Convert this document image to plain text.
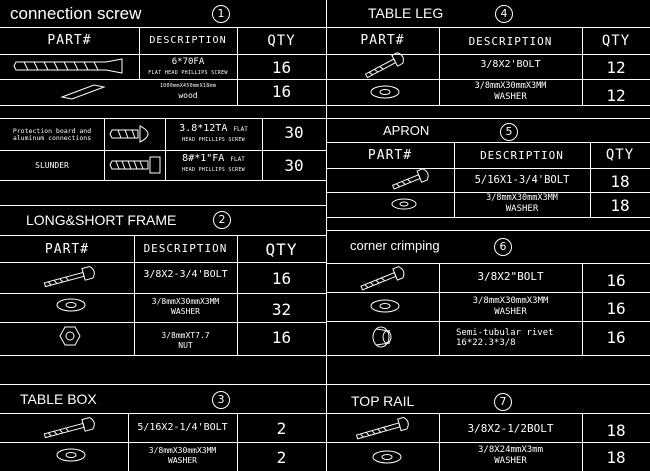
connection screw	1
PART#	DESCRIPTION	QTY
6*70FA
FLAT HEAD PHILLIPS SCREW	16
1000mmX450mmX18mm
wood	16
Protection board and
aluminum connections
3.8*12TA FLAT
HEAD PHILLIPS SCREW	30
SLUNDER
8#*1"FA FLAT
HEAD PHILLIPS SCREW	30
LONG&SHORT FRAME	2
PART#	DESCRIPTION	QTY
3/8X2-3/4'BOLT	16
3/8mmX30mmX3MM
WASHER	32
3/8mmXT7.7
NUT	16
TABLE BOX	3
5/16X2-1/4'BOLT	2
3/8mmX30mmX3MM
WASHER	2
TABLE LEG	4
PART#	DESCRIPTION	QTY
3/8X2'BOLT	12
3/8mmX30mmX3MM
WASHER	12
APRON	5
PART#	DESCRIPTION	QTY
5/16X1-3/4'BOLT	18
3/8mmX30mmX3MM
WASHER	18
corner crimping	6
3/8X2"BOLT	16
3/8mmX30mmX3MM
WASHER	16
Semi-tubular rivet
16*22.3*3/8	16
TOP RAIL	7
3/8X2-1/2BOLT	18
3/8X24mmX3mm
WASHER	18
